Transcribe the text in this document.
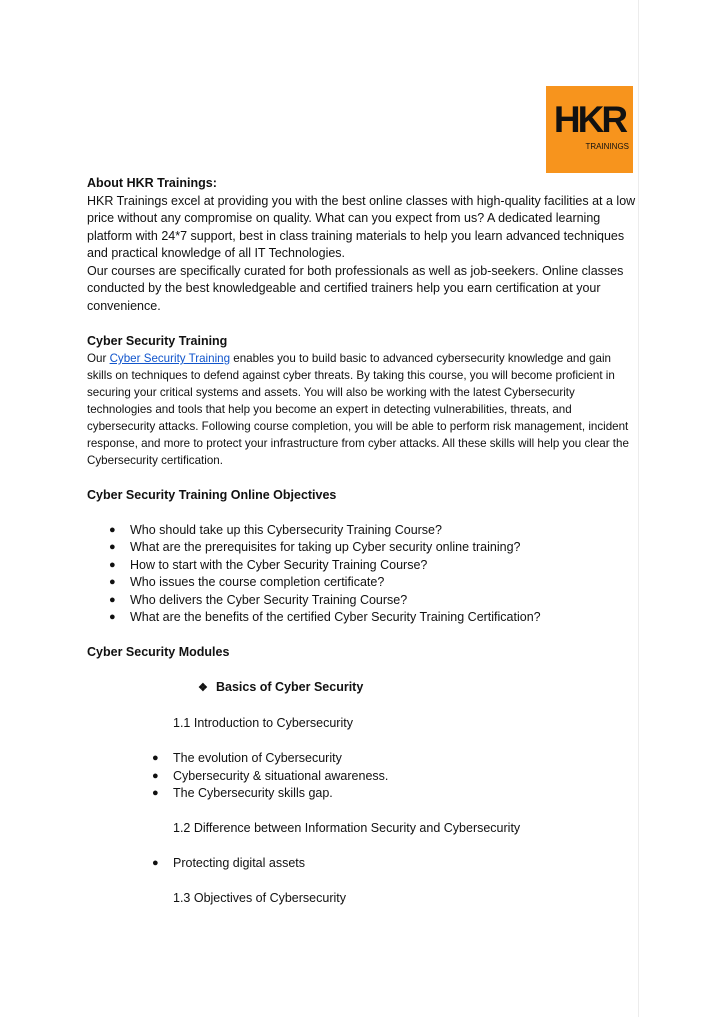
HKR
TRAININGS

About HKR Trainings:

HKR Trainings excel at providing you with the best online classes with high-quality facilities at a low price without any compromise on quality. What can you expect from us? A dedicated learning platform with 24*7 support, best in class training materials to help you learn advanced techniques and practical knowledge of all IT Technologies.

Our courses are specifically curated for both professionals as well as job-seekers. Online classes conducted by the best knowledgeable and certified trainers help you earn certification at your convenience.

Cyber Security Training

Our Cyber Security Training enables you to build basic to advanced cybersecurity knowledge and gain skills on techniques to defend against cyber threats. By taking this course, you will become proficient in securing your critical systems and assets. You will also be working with the latest Cybersecurity technologies and tools that help you become an expert in detecting vulnerabilities, threats, and cybersecurity attacks. Following course completion, you will be able to perform risk management, incident response, and more to protect your infrastructure from cyber attacks. All these skills will help you clear the Cybersecurity certification.

Cyber Security Training Online Objectives

● Who should take up this Cybersecurity Training Course?
● What are the prerequisites for taking up Cyber security online training?
● How to start with the Cyber Security Training Course?
● Who issues the course completion certificate?
● Who delivers the Cyber Security Training Course?
● What are the benefits of the certified Cyber Security Training Certification?

Cyber Security Modules

❖ Basics of Cyber Security
1.1 Introduction to Cybersecurity
● The evolution of Cybersecurity
● Cybersecurity & situational awareness.
● The Cybersecurity skills gap.
1.2 Difference between Information Security and Cybersecurity
● Protecting digital assets
1.3 Objectives of Cybersecurity
